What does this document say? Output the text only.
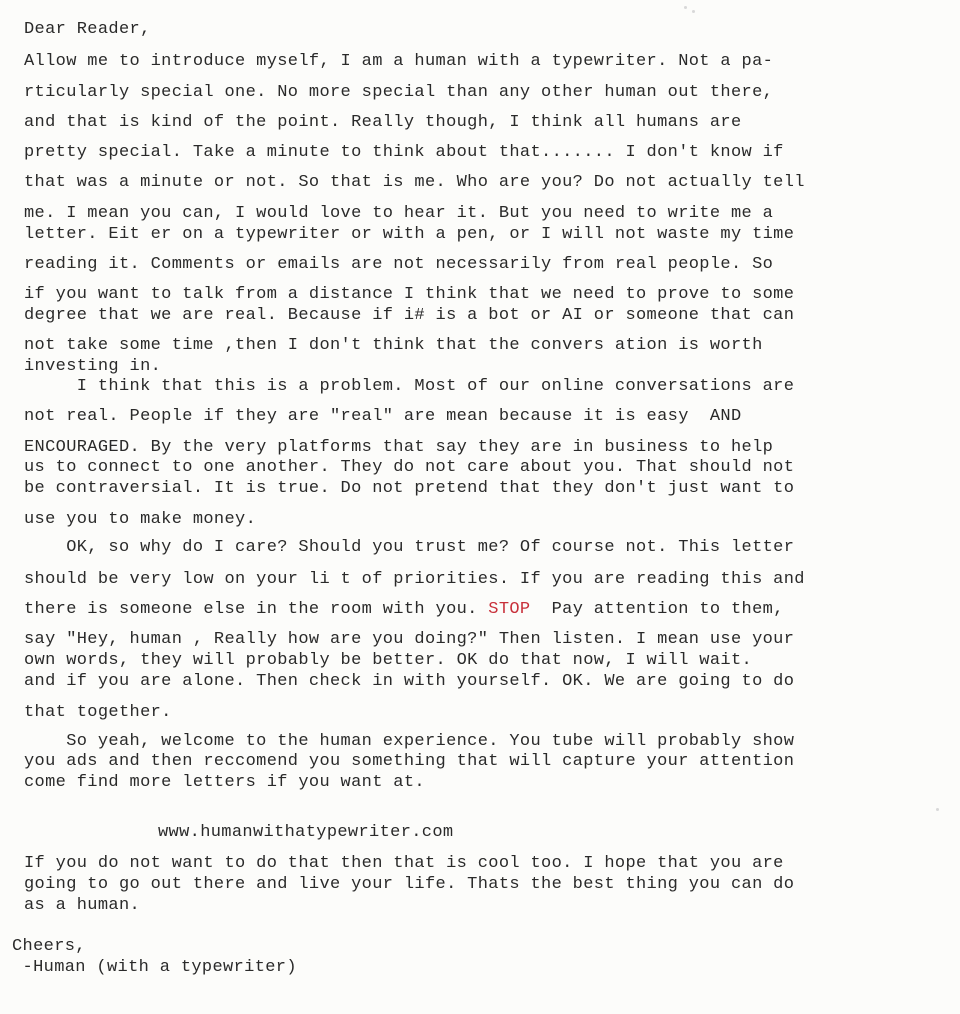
Dear Reader,
Allow me to introduce myself, I am a human with a typewriter. Not a pa-
rticularly special one. No more special than any other human out there,
and that is kind of the point. Really though, I think all humans are
pretty special. Take a minute to think about that....... I don't know if
that was a minute or not. So that is me. Who are you? Do not actually tell
me. I mean you can, I would love to hear it. But you need to write me a
letter. Eit er on a typewriter or with a pen, or I will not waste my time
reading it. Comments or emails are not necessarily from real people. So
if you want to talk from a distance I think that we need to prove to some
degree that we are real. Because if i# is a bot or AI or someone that can
not take some time ,then I don't think that the convers ation is worth
investing in.
I think that this is a problem. Most of our online conversations are
not real. People if they are "real" are mean because it is easy  AND
ENCOURAGED. By the very platforms that say they are in business to help
us to connect to one another. They do not care about you. That should not
be contraversial. It is true. Do not pretend that they don't just want to
use you to make money.
OK, so why do I care? Should you trust me? Of course not. This letter
should be very low on your li t of priorities. If you are reading this and
there is someone else in the room with you. STOP  Pay attention to them,
say "Hey, human , Really how are you doing?" Then listen. I mean use your
own words, they will probably be better. OK do that now, I will wait.
and if you are alone. Then check in with yourself. OK. We are going to do
that together.
So yeah, welcome to the human experience. You tube will probably show
you ads and then reccomend you something that will capture your attention
come find more letters if you want at.
www.humanwithatypewriter.com
If you do not want to do that then that is cool too. I hope that you are
going to go out there and live your life. Thats the best thing you can do
as a human.
Cheers,
-Human (with a typewriter)
